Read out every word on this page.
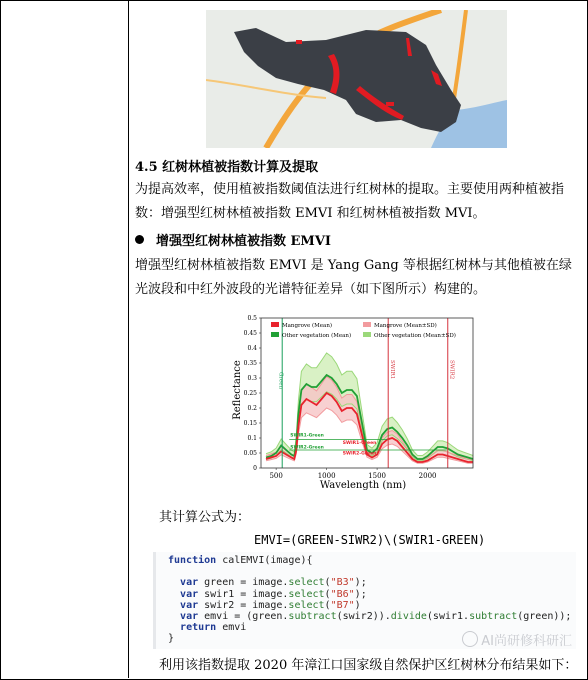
4.5 红树林植被指数计算及提取
为提高效率，使用植被指数阈值法进行红树林的提取。主要使用两种植被指数：增强型红树林植被指数 EMVI 和红树林植被指数 MVI。
增强型红树林植被指数 EMVI
增强型红树林植被指数 EMVI 是 Yang Gang 等根据红树林与其他植被在绿光波段和中红外波段的光谱特征差异（如下图所示）构建的。
Reflectance
Wavelength (nm)
0
0.05
0.1
0.15
0.2
0.25
0.3
0.35
0.4
0.45
0.5
500	1000	1500	2000
Green
SWIR1	SWIR2
SWIR1-Green
SWIR1-Green
SWIR2-Green
SWIR2-Green
Mangrove (Mean)	Mangrove (Mean±SD)
Other vegetation (Mean)	Other vegetation (Mean±SD)
其计算公式为：
EMVI=(GREEN-SIWR2)\(SWIR1-GREEN)
function calEMVI(image){
var green = image.select("B3");
var swir1 = image.select("B6");
var swir2 = image.select("B7")
var emvi = (green.subtract(swir2)).divide(swir1.subtract(green));
return emvi
}
利用该指数提取 2020 年漳江口国家级自然保护区红树林分布结果如下：
AI尚研修科研汇
